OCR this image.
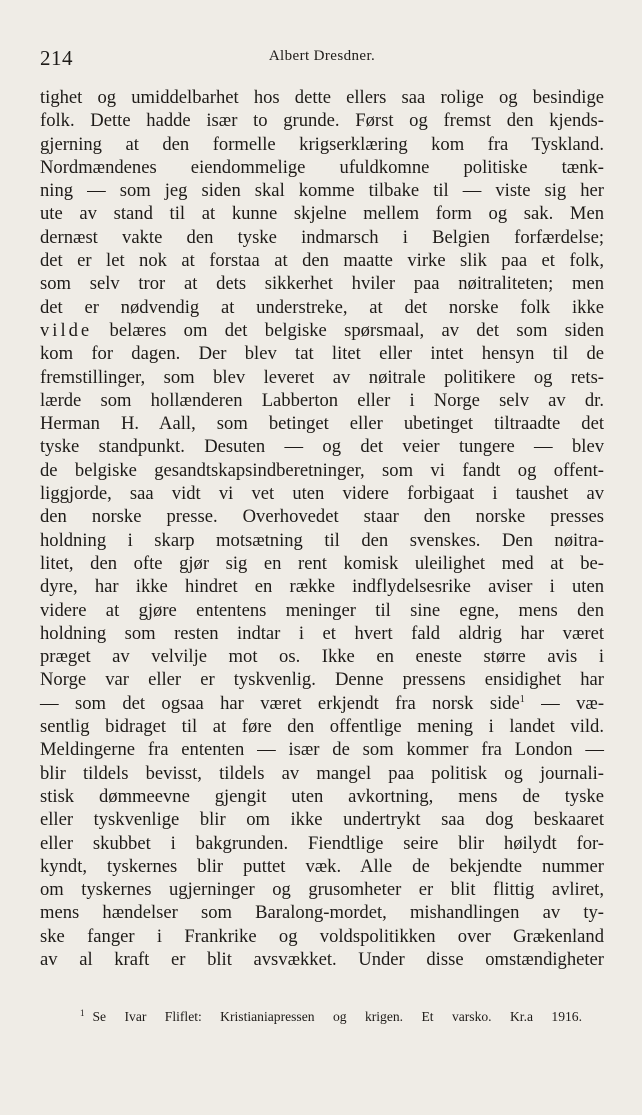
214	Albert Dresdner.
tighet og umiddelbarhet hos dette ellers saa rolige og besindige
folk. Dette hadde især to grunde. Først og fremst den kjends-
gjerning at den formelle krigserklæring kom fra Tyskland.
Nordmændenes eiendommelige ufuldkomne politiske tænk-
ning — som jeg siden skal komme tilbake til — viste sig her
ute av stand til at kunne skjelne mellem form og sak. Men
dernæst vakte den tyske indmarsch i Belgien forfærdelse;
det er let nok at forstaa at den maatte virke slik paa et folk,
som selv tror at dets sikkerhet hviler paa nøitraliteten; men
det er nødvendig at understreke, at det norske folk ikke
vilde belæres om det belgiske spørsmaal, av det som siden
kom for dagen. Der blev tat litet eller intet hensyn til de
fremstillinger, som blev leveret av nøitrale politikere og rets-
lærde som hollænderen Labberton eller i Norge selv av dr.
Herman H. Aall, som betinget eller ubetinget tiltraadte det
tyske standpunkt. Desuten — og det veier tungere — blev
de belgiske gesandtskapsindberetninger, som vi fandt og offent-
liggjorde, saa vidt vi vet uten videre forbigaat i taushet av
den norske presse. Overhovedet staar den norske presses
holdning i skarp motsætning til den svenskes. Den nøitra-
litet, den ofte gjør sig en rent komisk uleilighet med at be-
dyre, har ikke hindret en række indflydelsesrike aviser i uten
videre at gjøre ententens meninger til sine egne, mens den
holdning som resten indtar i et hvert fald aldrig har været
præget av velvilje mot os. Ikke en eneste større avis i
Norge var eller er tyskvenlig. Denne pressens ensidighet har
— som det ogsaa har været erkjendt fra norsk side$^1$ — væ-
sentlig bidraget til at føre den offentlige mening i landet vild.
Meldingerne fra ententen — især de som kommer fra London —
blir tildels bevisst, tildels av mangel paa politisk og journali-
stisk dømmeevne gjengit uten avkortning, mens de tyske
eller tyskvenlige blir om ikke undertrykt saa dog beskaaret
eller skubbet i bakgrunden. Fiendtlige seire blir høilydt for-
kyndt, tyskernes blir puttet væk. Alle de bekjendte nummer
om tyskernes ugjerninger og grusomheter er blit flittig avliret,
mens hændelser som Baralong-mordet, mishandlingen av ty-
ske fanger i Frankrike og voldspolitikken over Grækenland
av al kraft er blit avsvækket. Under disse omstændigheter
$^1$ Se Ivar Fliflet: Kristianiapressen og krigen. Et varsko. Kr.a 1916.
